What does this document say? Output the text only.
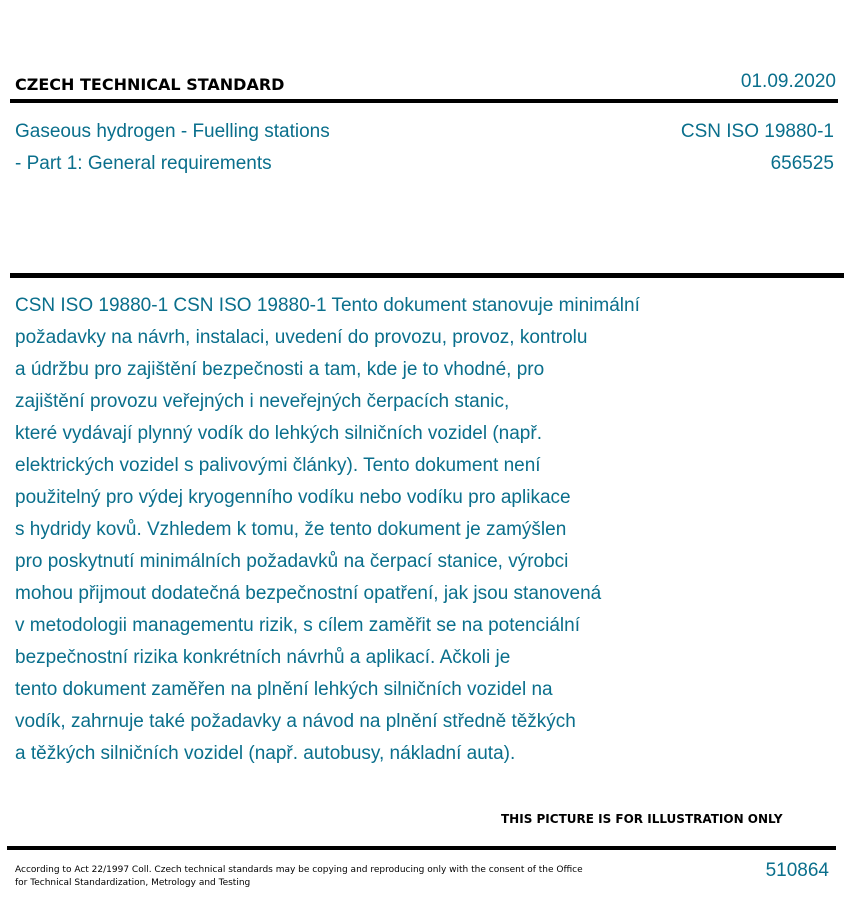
CZECH TECHNICAL STANDARD	01.09.2020
Gaseous hydrogen - Fuelling stations
- Part 1: General requirements
CSN ISO 19880-1
656525
CSN ISO 19880-1 CSN ISO 19880-1 Tento dokument stanovuje minimální
požadavky na návrh, instalaci, uvedení do provozu, provoz, kontrolu
a údržbu pro zajištění bezpečnosti a tam, kde je to vhodné, pro
zajištění provozu veřejných i neveřejných čerpacích stanic,
které vydávají plynný vodík do lehkých silničních vozidel (např.
elektrických vozidel s palivovými články). Tento dokument není
použitelný pro výdej kryogenního vodíku nebo vodíku pro aplikace
s hydridy kovů. Vzhledem k tomu, že tento dokument je zamýšlen
pro poskytnutí minimálních požadavků na čerpací stanice, výrobci
mohou přijmout dodatečná bezpečnostní opatření, jak jsou stanovená
v metodologii managementu rizik, s cílem zaměřit se na potenciální
bezpečnostní rizika konkrétních návrhů a aplikací. Ačkoli je
tento dokument zaměřen na plnění lehkých silničních vozidel na
vodík, zahrnuje také požadavky a návod na plnění středně těžkých
a těžkých silničních vozidel (např. autobusy, nákladní auta).
THIS PICTURE IS FOR ILLUSTRATION ONLY
According to Act 22/1997 Coll. Czech technical standards may be copying and reproducing only with the consent of the Office
for Technical Standardization, Metrology and Testing
510864
